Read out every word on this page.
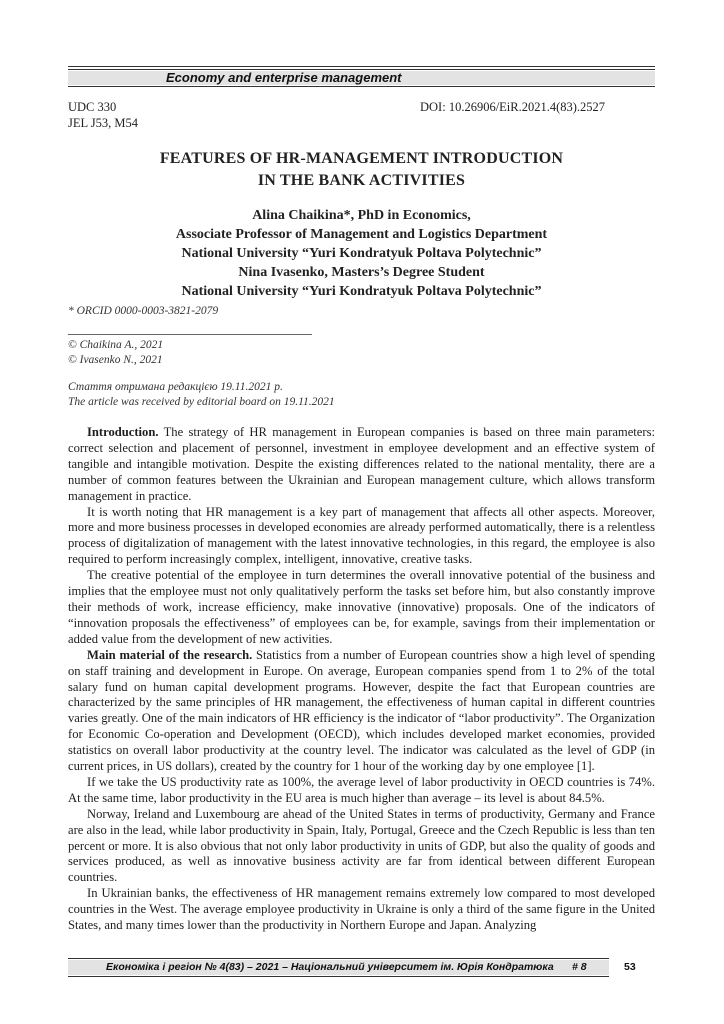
Economy and enterprise management
UDC 330
JEL J53, M54
DOI: 10.26906/EiR.2021.4(83).2527
FEATURES OF HR-MANAGEMENT INTRODUCTION
IN THE BANK ACTIVITIES
Alina Chaikina*, PhD in Economics,
Associate Professor of Management and Logistics Department
National University “Yuri Kondratyuk Poltava Polytechnic”
Nina Ivasenko, Masters’s Degree Student
National University “Yuri Kondratyuk Poltava Polytechnic”
* ORCID 0000-0003-3821-2079
© Chaikina A., 2021
© Ivasenko N., 2021
Стаття отримана редакцією 19.11.2021 р.
The article was received by editorial board on 19.11.2021

Introduction. The strategy of HR management in European companies is based on three main parameters: correct selection and placement of personnel, investment in employee development and an effective system of tangible and intangible motivation. Despite the existing differences related to the national mentality, there are a number of common features between the Ukrainian and European management culture, which allows transform management in practice.

It is worth noting that HR management is a key part of management that affects all other aspects. Moreover, more and more business processes in developed economies are already performed automatically, there is a relentless process of digitalization of management with the latest innovative technologies, in this regard, the employee is also required to perform increasingly complex, intelligent, innovative, creative tasks.

The creative potential of the employee in turn determines the overall innovative potential of the business and implies that the employee must not only qualitatively perform the tasks set before him, but also constantly improve their methods of work, increase efficiency, make innovative (innovative) proposals. One of the indicators of “innovation proposals the effectiveness” of employees can be, for example, savings from their implementation or added value from the development of new activities.

Main material of the research. Statistics from a number of European countries show a high level of spending on staff training and development in Europe. On average, European companies spend from 1 to 2% of the total salary fund on human capital development programs. However, despite the fact that European countries are characterized by the same principles of HR management, the effectiveness of human capital in different countries varies greatly. One of the main indicators of HR efficiency is the indicator of “labor productivity”. The Organization for Economic Co-operation and Development (OECD), which includes developed market economies, provided statistics on overall labor productivity at the country level. The indicator was calculated as the level of GDP (in current prices, in US dollars), created by the country for 1 hour of the working day by one employee [1].

If we take the US productivity rate as 100%, the average level of labor productivity in OECD countries is 74%. At the same time, labor productivity in the EU area is much higher than average – its level is about 84.5%.

Norway, Ireland and Luxembourg are ahead of the United States in terms of productivity, Germany and France are also in the lead, while labor productivity in Spain, Italy, Portugal, Greece and the Czech Republic is less than ten percent or more. It is also obvious that not only labor productivity in units of GDP, but also the quality of goods and services produced, as well as innovative business activity are far from identical between different European countries.

In Ukrainian banks, the effectiveness of HR management remains extremely low compared to most developed countries in the West. The average employee productivity in Ukraine is only a third of the same figure in the United States, and many times lower than the productivity in Northern Europe and Japan. Analyzing

Економіка і регіон № 4(83) – 2021 – Національний університет ім. Юрія Кондратюка # 8	53
